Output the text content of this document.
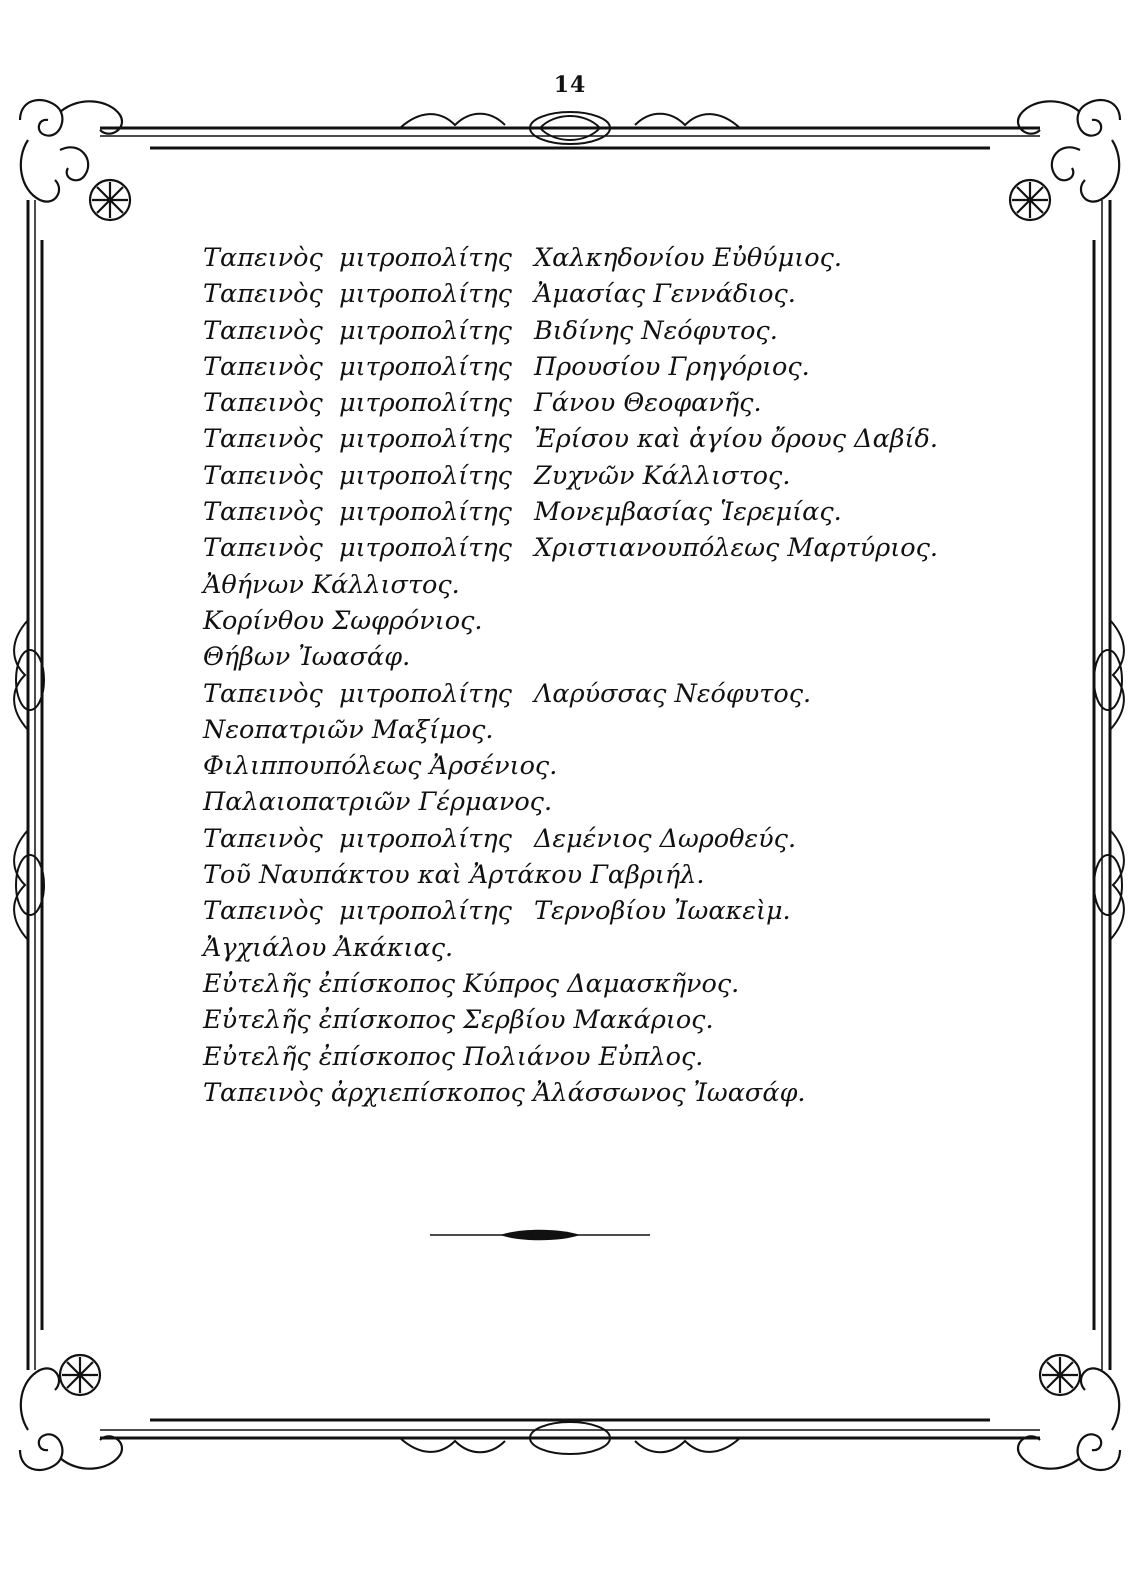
14
Ταπεινὸς μιτροπολίτης Χαλκηδονίου Εὐθύμιος.
Ταπεινὸς μιτροπολίτης Ἀμασίας Γεννάδιος.
Ταπεινὸς μιτροπολίτης Βιδίνης Νεόφυτος.
Ταπεινὸς μιτροπολίτης Προυσίου Γρηγόριος.
Ταπεινὸς μιτροπολίτης Γάνου Θεοφανῆς.
Ταπεινὸς μιτροπολίτης Ἐρίσου καὶ ἁγίου ὄρους Δαβίδ.
Ταπεινὸς μιτροπολίτης Ζυχνῶν Κάλλιστος.
Ταπεινὸς μιτροπολίτης Μονεμβασίας Ἱερεμίας.
Ταπεινὸς μιτροπολίτης Χριστιανουπόλεως Μαρτύριος.
Ἀθήνων Κάλλιστος.
Κορίνθου Σωφρόνιος.
Θήβων Ἰωασάφ.
Ταπεινὸς μιτροπολίτης Λαρύσσας Νεόφυτος.
Νεοπατριῶν Μαξίμος.
Φιλιππουπόλεως Ἀρσένιος.
Παλαιοπατριῶν Γέρμανος.
Ταπεινὸς μιτροπολίτης Δεμένιος Δωροθεύς.
Τοῦ Ναυπάκτου καὶ Ἀρτάκου Γαβριήλ.
Ταπεινὸς μιτροπολίτης Τερνοβίου Ἰωακεὶμ.
Ἀγχιάλου Ἀκάκιας.
Εὐτελῆς ἐπίσκοπος Κύπρος Δαμασκῆνος.
Εὐτελῆς ἐπίσκοπος Σερβίου Μακάριος.
Εὐτελῆς ἐπίσκοπος Πολιάνου Εὐπλος.
Ταπεινὸς ἀρχιεπίσκοπος Ἀλάσσωνος Ἰωασάφ.
